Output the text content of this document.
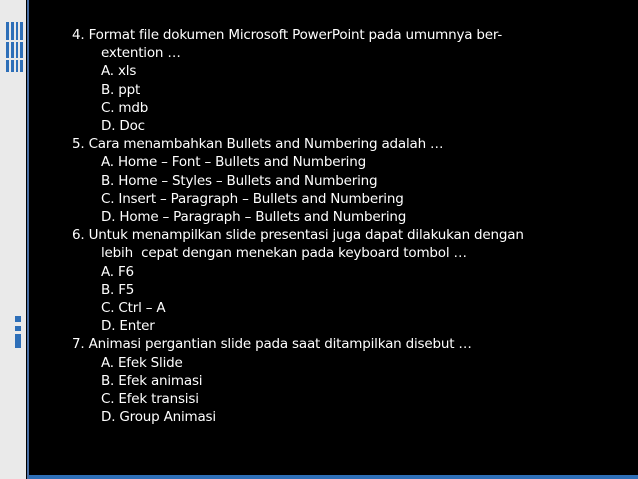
4. Format file dokumen Microsoft PowerPoint pada umumnya ber-
extention …
A. xls
B. ppt
C. mdb
D. Doc
5. Cara menambahkan Bullets and Numbering adalah …
A. Home – Font – Bullets and Numbering
B. Home – Styles – Bullets and Numbering
C. Insert – Paragraph – Bullets and Numbering
D. Home – Paragraph – Bullets and Numbering
6. Untuk menampilkan slide presentasi juga dapat dilakukan dengan
lebih  cepat dengan menekan pada keyboard tombol …
A. F6
B. F5
C. Ctrl – A
D. Enter
7. Animasi pergantian slide pada saat ditampilkan disebut …
A. Efek Slide
B. Efek animasi
C. Efek transisi
D. Group Animasi
